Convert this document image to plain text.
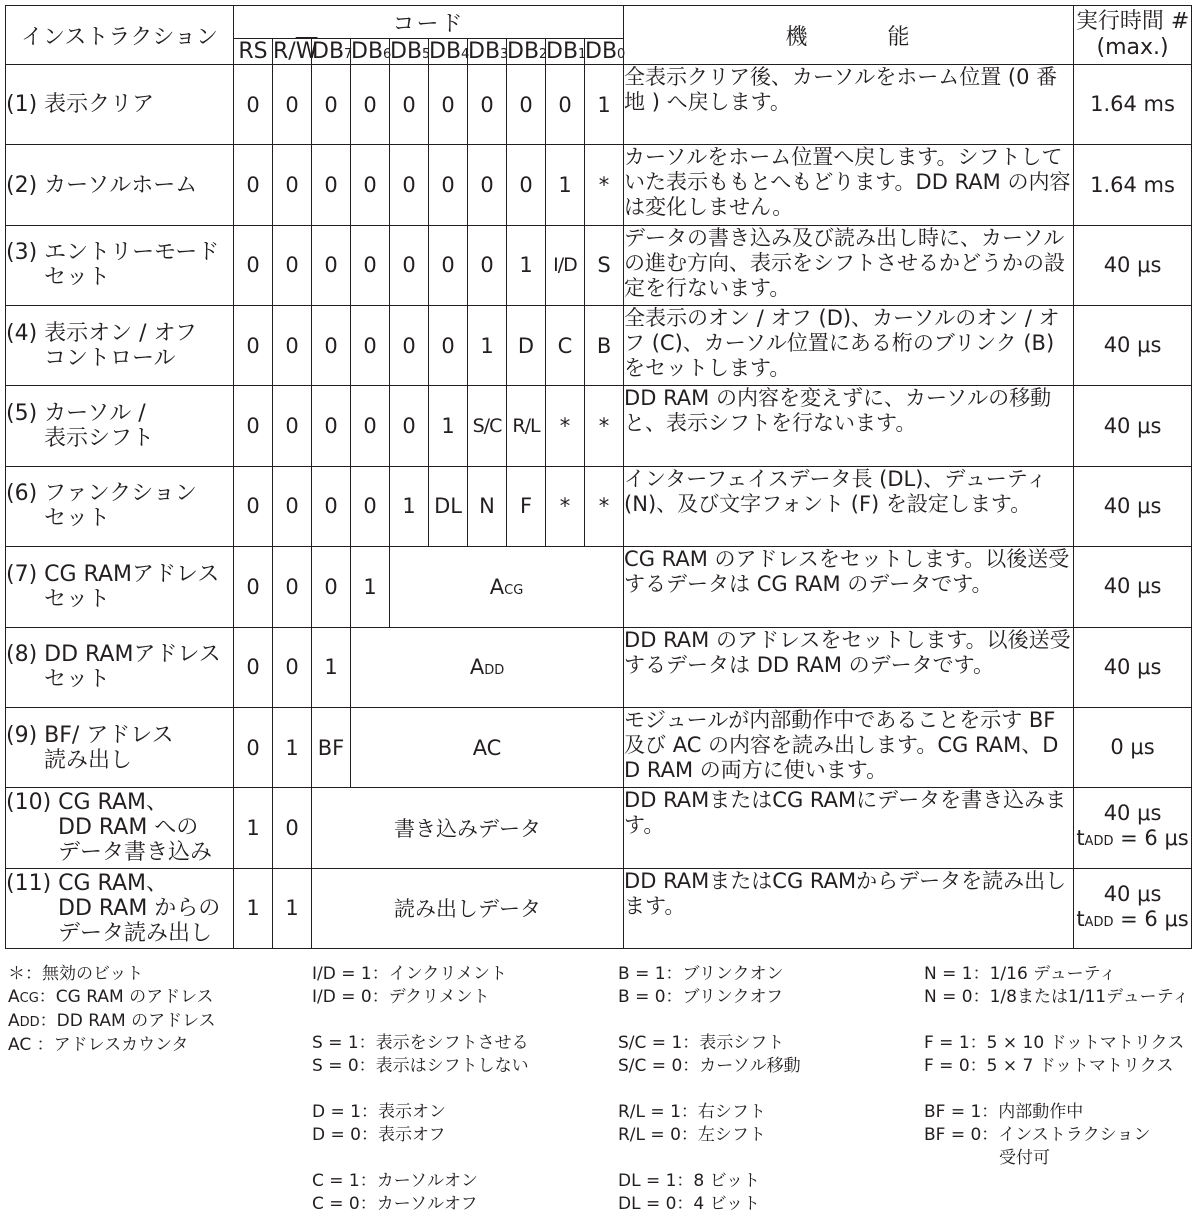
インストラクション	コード										機 能	実行時間 #
(max.)
	RS	$R/\overline{W}$	DB7	DB6	DB5	DB4	DB3	DB2	DB1	DB0		
(1) 表示クリア	0	0	0	0	0	0	0	0	0	1	全表示クリア後、カーソルをホーム位置 (0 番地 ) へ戻します。	1.64 ms
(2) カーソルホーム	0	0	0	0	0	0	0	0	1	*	カーソルをホーム位置へ戻します。シフトしていた表示ももとへもどります。DD RAM の内容は変化しません。	1.64 ms
(3) エントリーモード
セット	0	0	0	0	0	0	0	1	I/D	S	データの書き込み及び読み出し時に、カーソルの進む方向、表示をシフトさせるかどうかの設定を行ないます。	40 μs
(4) 表示オン / オフ
コントロール	0	0	0	0	0	0	1	D	C	B	全表示のオン / オフ (D)、カーソルのオン / オフ (C)、カーソル位置にある桁のブリンク (B) をセットします。	40 μs
(5) カーソル /
表示シフト	0	0	0	0	0	1	S/C	R/L	*	*	DD RAM の内容を変えずに、カーソルの移動と、表示シフトを行ないます。	40 μs
(6) ファンクション
セット	0	0	0	0	1	DL	N	F	*	*	インターフェイスデータ長 (DL)、デューティ (N)、及び文字フォント (F) を設定します。	40 μs
(7) CG RAMアドレス
セット	0	0	0	1	ACG						CG RAM のアドレスをセットします。以後送受するデータは CG RAM のデータです。	40 μs
(8) DD RAMアドレス
セット	0	0	1	ADD							DD RAM のアドレスをセットします。以後送受するデータは DD RAM のデータです。	40 μs
(9) BF/ アドレス
読み出し	0	1	BF	AC							モジュールが内部動作中であることを示す BF 及び AC の内容を読み出します。CG RAM、DD RAM の両方に使います。	0 μs
(10) CG RAM、
DD RAM への
データ書き込み	1	0	書き込みデータ								DD RAMまたはCG RAMにデータを書き込みます。	40 μs
tADD = 6 μs
(11) CG RAM、
DD RAM からの
データ読み出し	1	1	読み出しデータ								DD RAMまたはCG RAMからデータを読み出します。	40 μs
tADD = 6 μs
＊：無効のビット
ACG：CG RAM のアドレス
ADD：DD RAM のアドレス
AC ：アドレスカウンタ
I/D = 1：インクリメント
I/D = 0：デクリメント
S = 1：表示をシフトさせる
S = 0：表示はシフトしない
D = 1：表示オン
D = 0：表示オフ
C = 1：カーソルオン
C = 0：カーソルオフ
B = 1：ブリンクオン
B = 0：ブリンクオフ
S/C = 1：表示シフト
S/C = 0：カーソル移動
R/L = 1：右シフト
R/L = 0：左シフト
DL = 1：8 ビット
DL = 0：4 ビット
N = 1：1/16 デューティ
N = 0：1/8または1/11デューティ
F = 1：5 × 10 ドットマトリクス
F = 0：5 × 7 ドットマトリクス
BF = 1：内部動作中
BF = 0：インストラクション
受付可
